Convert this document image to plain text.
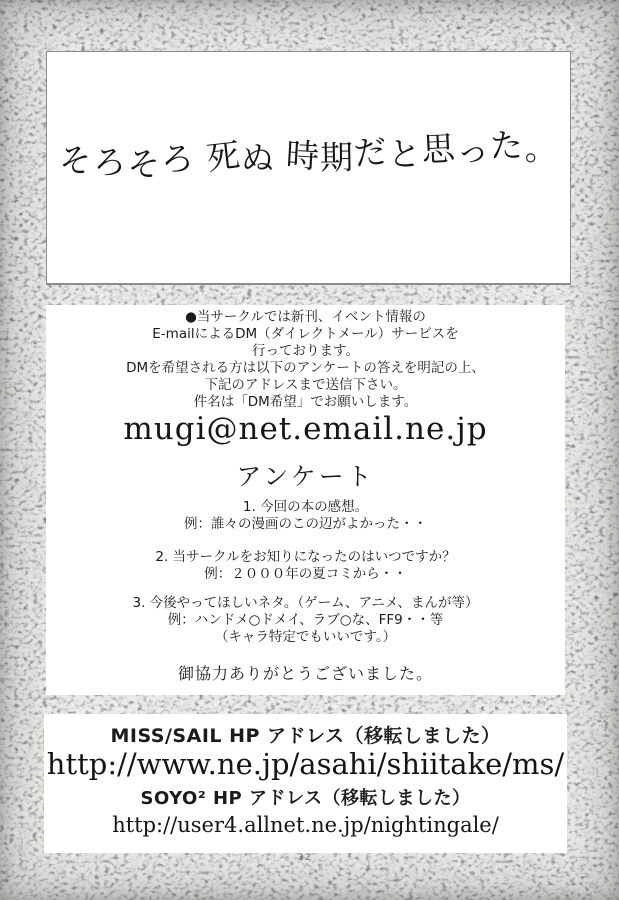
そろそろ 死ぬ 時期だと思った。

●当サークルでは新刊、イベント情報の

E-mailによるDM（ダイレクトメール）サービスを

行っております。

DMを希望される方は以下のアンケートの答えを明記の上、

下記のアドレスまで送信下さい。

件名は「DM希望」でお願いします。

mugi@net.email.ne.jp
アンケート

1. 今回の本の感想。

例：誰々の漫画のこの辺がよかった・・

2. 当サークルをお知りになったのはいつですか？

例：２０００年の夏コミから・・

3. 今後やってほしいネタ。（ゲーム、アニメ、まんが等）

例：ハンドメ○ドメイ、ラブ○な、FF9・・等

（キャラ特定でもいいです。）

御協力ありがとうございました。

MISS/SAIL HP アドレス（移転しました）
http://www.ne.jp/asahi/shiitake/ms/
SOYO² HP アドレス（移転しました）
http://user4.allnet.ne.jp/nightingale/
32
